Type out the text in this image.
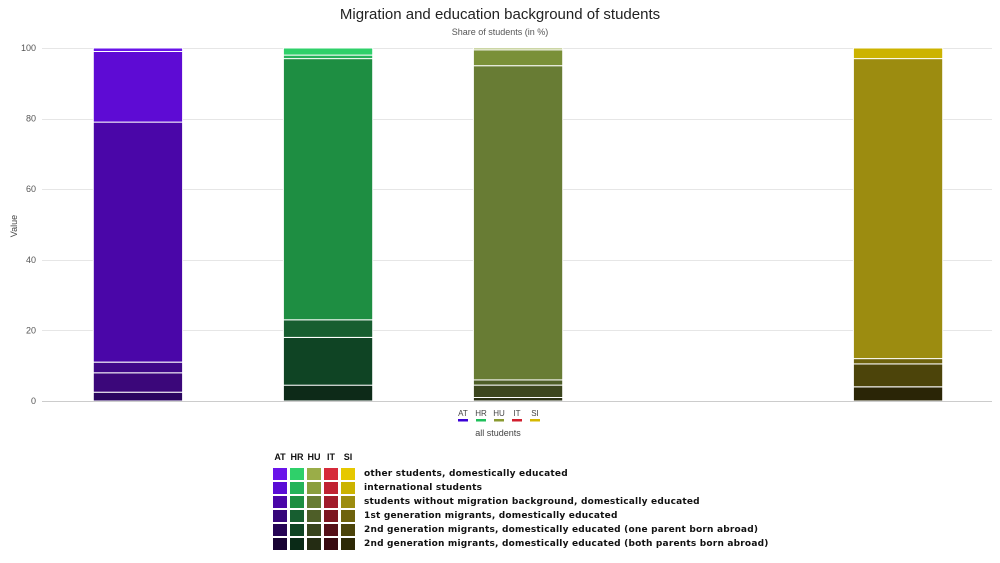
Migration and education background of students
Share of students (in %)
0
20
40
60
80
100
Value
AT HR HU IT SI
all students
AT	HR	HU	IT	SI	
					other students, domestically educated
					international students
					students without migration background, domestically educated
					1st generation migrants, domestically educated
					2nd generation migrants, domestically educated (one parent born abroad)
					2nd generation migrants, domestically educated (both parents born abroad)
